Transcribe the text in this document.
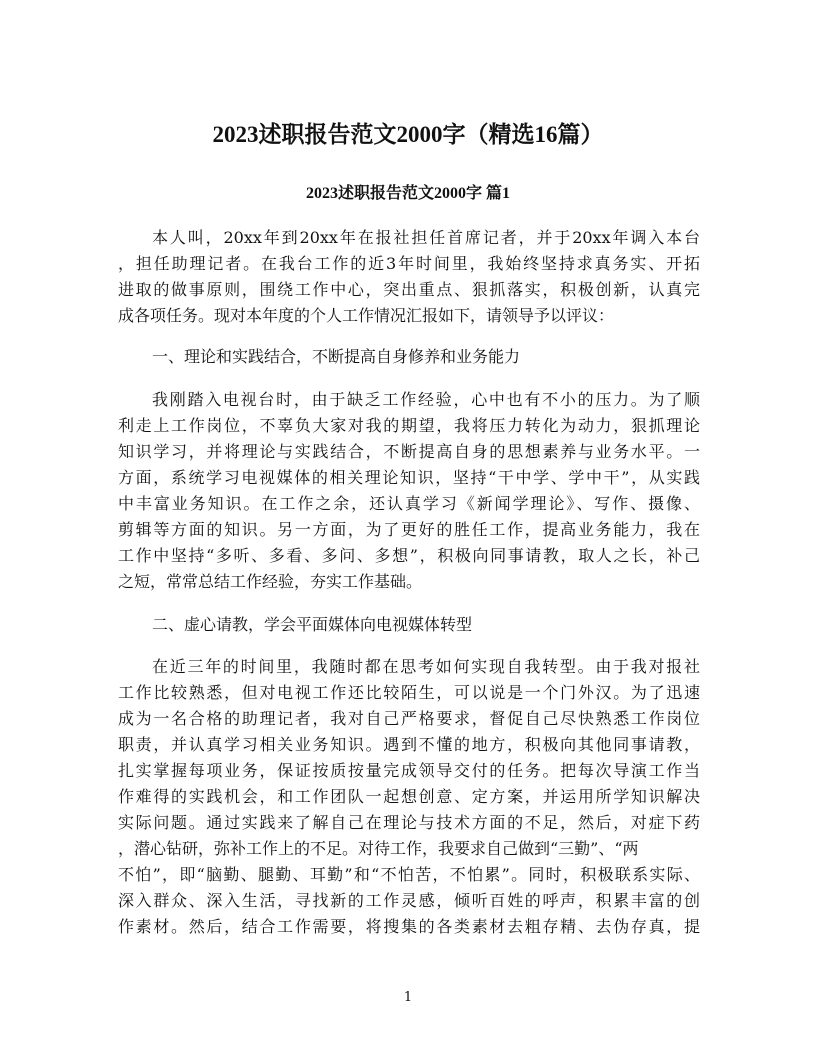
2023述职报告范文2000字（精选16篇）
2023述职报告范文2000字 篇1
本人叫，20xx年到20xx年在报社担任首席记者，并于20xx年调入本台
，担任助理记者。在我台工作的近3年时间里，我始终坚持求真务实、开拓
进取的做事原则，围绕工作中心，突出重点、狠抓落实，积极创新，认真完
成各项任务。现对本年度的个人工作情况汇报如下，请领导予以评议：
一、理论和实践结合，不断提高自身修养和业务能力
我刚踏入电视台时，由于缺乏工作经验，心中也有不小的压力。为了顺
利走上工作岗位，不辜负大家对我的期望，我将压力转化为动力，狠抓理论
知识学习，并将理论与实践结合，不断提高自身的思想素养与业务水平。一
方面，系统学习电视媒体的相关理论知识，坚持“干中学、学中干”，从实践
中丰富业务知识。在工作之余，还认真学习《新闻学理论》、写作、摄像、
剪辑等方面的知识。另一方面，为了更好的胜任工作，提高业务能力，我在
工作中坚持“多听、多看、多问、多想”，积极向同事请教，取人之长，补己
之短，常常总结工作经验，夯实工作基础。
二、虚心请教，学会平面媒体向电视媒体转型
在近三年的时间里，我随时都在思考如何实现自我转型。由于我对报社
工作比较熟悉，但对电视工作还比较陌生，可以说是一个门外汉。为了迅速
成为一名合格的助理记者，我对自己严格要求，督促自己尽快熟悉工作岗位
职责，并认真学习相关业务知识。遇到不懂的地方，积极向其他同事请教，
扎实掌握每项业务，保证按质按量完成领导交付的任务。把每次导演工作当
作难得的实践机会，和工作团队一起想创意、定方案，并运用所学知识解决
实际问题。通过实践来了解自己在理论与技术方面的不足，然后，对症下药
，潜心钻研，弥补工作上的不足。对待工作，我要求自己做到“三勤”、“两
不怕”，即“脑勤、腿勤、耳勤”和“不怕苦，不怕累”。同时，积极联系实际、
深入群众、深入生活，寻找新的工作灵感，倾听百姓的呼声，积累丰富的创
作素材。然后，结合工作需要，将搜集的各类素材去粗存精、去伪存真，提
1
